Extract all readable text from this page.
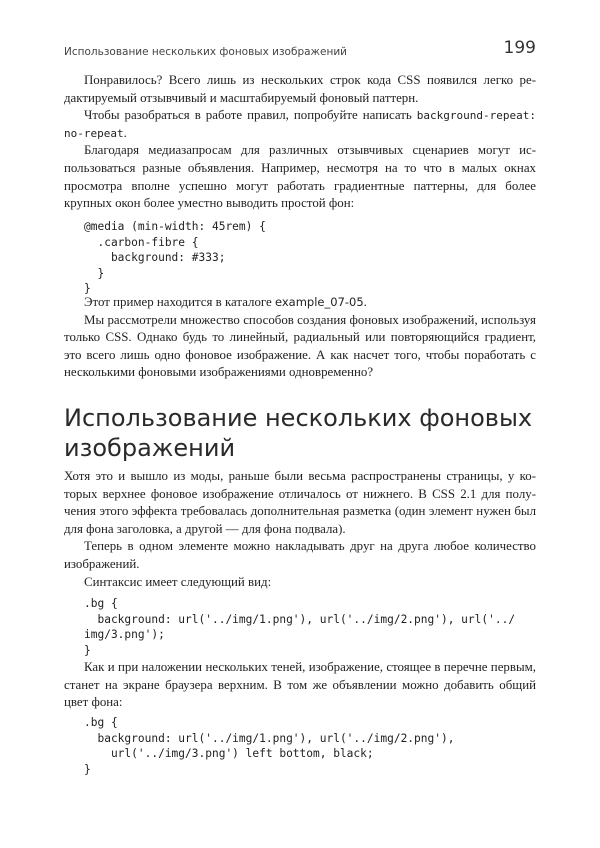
Использование нескольких фоновых изображений	199

Понравилось? Всего лишь из нескольких строк кода CSS появился легко редактируемый отзывчивый и масштабируемый фоновый паттерн.

Чтобы разобраться в работе правил, попробуйте написать background-repeat: no-repeat.

Благодаря медиазапросам для различных отзывчивых сценариев могут использоваться разные объявления. Например, несмотря на то что в малых окнах просмотра вполне успешно могут работать градиентные паттерны, для более крупных окон более уместно выводить простой фон:

@media (min-width: 45rem) {
.carbon-fibre {
background: #333;
}
}

Этот пример находится в каталоге example_07-05.

Мы рассмотрели множество способов создания фоновых изображений, используя только CSS. Однако будь то линейный, радиальный или повторяющийся градиент, это всего лишь одно фоновое изображение. А как насчет того, чтобы поработать с несколькими фоновыми изображениями одновременно?

Использование нескольких фоновых изображений

Хотя это и вышло из моды, раньше были весьма распространены страницы, у которых верхнее фоновое изображение отличалось от нижнего. В CSS 2.1 для получения этого эффекта требовалась дополнительная разметка (один элемент нужен был для фона заголовка, а другой — для фона подвала).

Теперь в одном элементе можно накладывать друг на друга любое количество изображений.

Синтаксис имеет следующий вид:

.bg {
background: url('../img/1.png'), url('../img/2.png'), url('../
img/3.png');
}

Как и при наложении нескольких теней, изображение, стоящее в перечне первым, станет на экране браузера верхним. В том же объявлении можно добавить общий цвет фона:

.bg {
background: url('../img/1.png'), url('../img/2.png'),
url('../img/3.png') left bottom, black;
}
